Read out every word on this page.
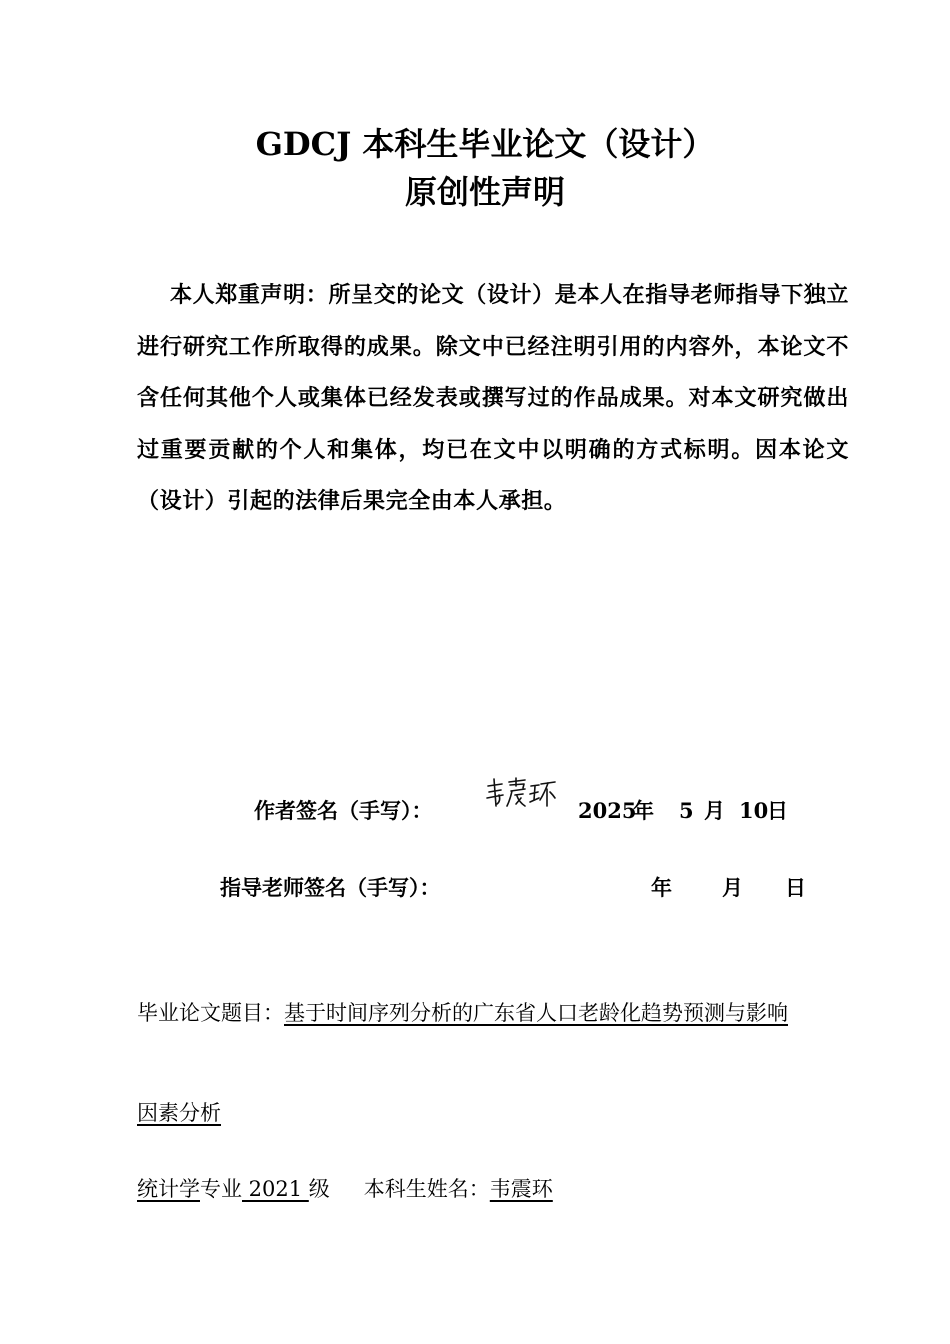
GDCJ 本科生毕业论文（设计）
原创性声明
本人郑重声明：所呈交的论文（设计）是本人在指导老师指导下独立进行研究工作所取得的成果。除文中已经注明引用的内容外，本论文不含任何其他个人或集体已经发表或撰写过的作品成果。对本文研究做出过重要贡献的个人和集体，均已在文中以明确的方式标明。因本论文（设计）引起的法律后果完全由本人承担。
作者签名（手写）：	2025
年 5 月 10
日
指导老师签名（手写）：	年 月 日
毕业论文题目：基于时间序列分析的广东省人口老龄化趋势预测与影响
因素分析
统计学专业 2021 级 本科生姓名：韦震环
